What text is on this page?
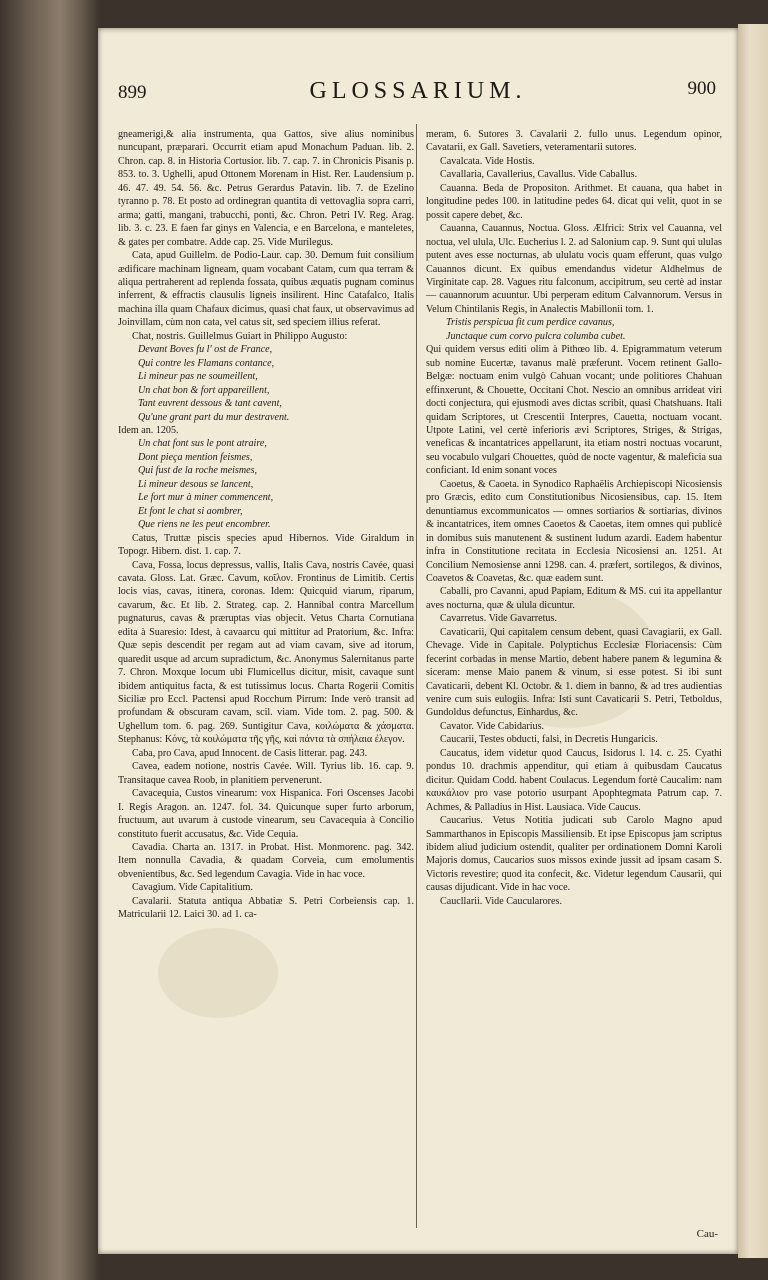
899	GLOSSARIUM.	900

gneamerigi,& alia instrumenta, qua Gattos, sive alius nominibus nuncupant, præparari. Occurrit etiam apud Monachum Paduan. lib. 2. Chron. cap. 8. in Historia Cortusior. lib. 7. cap. 7. in Chronicis Pisanis p. 853. to. 3. Ughelli, apud Ottonem Morenam in Hist. Rer. Laudensium p. 46. 47. 49. 54. 56. &c. Petrus Gerardus Patavin. lib. 7. de Ezelino tyranno p. 78. Et posto ad ordinegran quantita di vettovaglia sopra carri, arma; gatti, mangani, trabucchi, ponti, &c. Chron. Petri IV. Reg. Arag. lib. 3. c. 23. E faen far ginys en Valencia, e en Barcelona, e manteletes, & gates per combatre. Adde cap. 25. Vide Murilegus.

Cata, apud Guillelm. de Podio-Laur. cap. 30. Demum fuit consilium ædificare machinam ligneam, quam vocabant Catam, cum qua terram & aliqua pertraherent ad replenda fossata, quibus æquatis pugnam cominus inferrent, & effractis clausulis ligneis insilirent. Hinc Catafalco, Italis machina illa quam Chafaux dicimus, quasi chat faux, ut observavimus ad Joinvillam, cùm non cata, vel catus sit, sed speciem illius referat.

Chat, nostris. Guillelmus Guiart in Philippo Augusto:

Devant Boves fu l' ost de France,

Qui contre les Flamans contance,

Li mineur pas ne soumeillent,

Un chat bon & fort appareillent,

Tant euvrent dessous & tant cavent,

Qu'une grant part du mur destravent.

Idem an. 1205.

Un chat font sus le pont atraire,

Dont pieça mention feismes,

Qui fust de la roche meismes,

Li mineur desous se lancent,

Le fort mur à miner commencent,

Et font le chat si aombrer,

Que riens ne les peut encombrer.

Catus, Truttæ piscis species apud Hibernos. Vide Giraldum in Topogr. Hibern. dist. 1. cap. 7.

Cava, Fossa, locus depressus, vallis, Italis Cava, nostris Cavée, quasi cavata. Gloss. Lat. Græc. Cavum, κοῖλον. Frontinus de Limitib. Certis locis vias, cavas, itinera, coronas. Idem: Quicquid viarum, riparum, cavarum, &c. Et lib. 2. Strateg. cap. 2. Hannibal contra Marcellum pugnaturus, cavas & præruptas vias objecit. Vetus Charta Cornutiana edita à Suaresio: Idest, à cavaarcu qui mittitur ad Pratorium, &c. Infra: Quæ sepis descendit per regam aut ad viam cavam, sive ad itorum, quaredit usque ad arcum supradictum, &c. Anonymus Salernitanus parte 7. Chron. Moxque locum ubi Flumicellus dicitur, misit, cavaque sunt ibidem antiquitus facta, & est tutissimus locus. Charta Rogerii Comitis Siciliæ pro Eccl. Pactensi apud Rocchum Pirrum: Inde verò transit ad profundam & obscuram cavam, scil. viam. Vide tom. 2. pag. 500. & Ughellum tom. 6. pag. 269. Suntigitur Cava, κοιλώματα & χάσματα. Stephanus: Κόνς, τὰ κοιλώματα τῆς γῆς, καὶ πάντα τὰ σπήλαια ἐλεγον.

Caba, pro Cava, apud Innocent. de Casis litterar. pag. 243.

Cavea, eadem notione, nostris Cavée. Will. Tyrius lib. 16. cap. 9. Transitaque cavea Roob, in planitiem pervenerunt.

Cavacequia, Custos vinearum: vox Hispanica. Fori Oscenses Jacobi I. Regis Aragon. an. 1247. fol. 34. Quicunque super furto arborum, fructuum, aut uvarum à custode vinearum, seu Cavacequia à Concilio constituto fuerit accusatus, &c. Vide Cequia.

Cavadia. Charta an. 1317. in Probat. Hist. Monmorenc. pag. 342. Item nonnulla Cavadia, & quadam Corveia, cum emolumentis obvenientibus, &c. Sed legendum Cavagia. Vide in hac voce.

Cavagium. Vide Capitalitium.

Cavalarii. Statuta antiqua Abbatiæ S. Petri Corbeiensis cap. 1. Matricularii 12. Laici 30. ad 1. ca-

meram, 6. Sutores 3. Cavalarii 2. fullo unus. Legendum opinor, Cavatarii, ex Gall. Savetiers, veteramentarii sutores.

Cavalcata. Vide Hostis.

Cavallaria, Cavallerius, Cavallus. Vide Caballus.

Cauanna. Beda de Propositon. Arithmet. Et cauana, qua habet in longitudine pedes 100. in latitudine pedes 64. dicat qui velit, quot in se possit capere debet, &c.

Cauanna, Cauannus, Noctua. Gloss. Ælfrici: Strix vel Cauanna, vel noctua, vel ulula, Ulc. Eucherius l. 2. ad Salonium cap. 9. Sunt qui ululas putent aves esse nocturnas, ab ululatu vocis quam efferunt, quas vulgo Cauannos dicunt. Ex quibus emendandus videtur Aldhelmus de Virginitate cap. 28. Vagues ritu falconum, accipitrum, seu certè ad instar — cauannorum acuuntur. Ubi perperam editum Calvannorum. Versus in Velum Chintilanis Regis, in Analectis Mabillonii tom. 1.

Tristis perspicua fit cum perdice cavanus,

Junctaque cum corvo pulcra columba cubet.

Qui quidem versus editi olim à Pithœo lib. 4. Epigrammatum veterum sub nomine Eucertæ, tavanus malè præferunt. Vocem retinent Gallo-Belgæ: noctuam enim vulgò Cahuan vocant; unde politiores Chahuan effinxerunt, & Chouette, Occitani Chot. Nescio an omnibus arrideat viri docti conjectura, qui ejusmodi aves dictas scribit, quasi Chatshuans. Itali quidam Scriptores, ut Crescentii Interpres, Cauetta, noctuam vocant. Utpote Latini, vel certè inferioris ævi Scriptores, Striges, & Strigas, veneficas & incantatrices appellarunt, ita etiam nostri noctuas vocarunt, seu vocabulo vulgari Chouettes, quòd de nocte vagentur, & maleficia sua conficiant. Id enim sonant voces

Caoetus, & Caoeta. in Synodico Raphaëlis Archiepiscopi Nicosiensis pro Græcis, edito cum Constitutionibus Nicosiensibus, cap. 15. Item denuntiamus excommunicatos — omnes sortiarios & sortiarias, divinos & incantatrices, item omnes Caoetos & Caoetas, item omnes qui publicè in domibus suis manutenent & sustinent ludum azardi. Eadem habentur infra in Constitutione recitata in Ecclesia Nicosiensi an. 1251. At Concilium Nemosiense anni 1298. can. 4. præfert, sortilegos, & divinos, Coavetos & Coavetas, &c. quæ eadem sunt.

Caballi, pro Cavanni, apud Papiam, Editum & MS. cui ita appellantur aves nocturna, quæ & ulula dicuntur.

Cavarretus. Vide Gavarretus.

Cavaticarii, Qui capitalem censum debent, quasi Cavagiarii, ex Gall. Chevage. Vide in Capitale. Polyptichus Ecclesiæ Floriacensis: Cùm fecerint corbadas in mense Martio, debent habere panem & legumina & siceram: mense Maio panem & vinum, si esse potest. Si ibi sunt Cavaticarii, debent Kl. Octobr. & 1. diem in banno, & ad tres audientias venire cum suis eulogiis. Infra: Isti sunt Cavaticarii S. Petri, Tetboldus, Gundoldus defunctus, Einhardus, &c.

Cavator. Vide Cabidarius.

Caucarii, Testes obducti, falsi, in Decretis Hungaricis.

Caucatus, idem videtur quod Caucus, Isidorus l. 14. c. 25. Cyathi pondus 10. drachmis appenditur, qui etiam à quibusdam Caucatus dicitur. Quidam Codd. habent Coulacus. Legendum fortè Caucalim: nam καυκάλιον pro vase potorio usurpant Apophtegmata Patrum cap. 7. Achmes, & Palladius in Hist. Lausiaca. Vide Caucus.

Caucarius. Vetus Notitia judicati sub Carolo Magno apud Sammarthanos in Episcopis Massiliensib. Et ipse Episcopus jam scriptus ibidem aliud judicium ostendit, qualiter per ordinationem Domni Karoli Majoris domus, Caucarios suos missos exinde jussit ad ipsam casam S. Victoris revestire; quod ita confecit, &c. Videtur legendum Causarii, qui causas dijudicant. Vide in hac voce.

Caucllarii. Vide Caucularores.

Cau-
